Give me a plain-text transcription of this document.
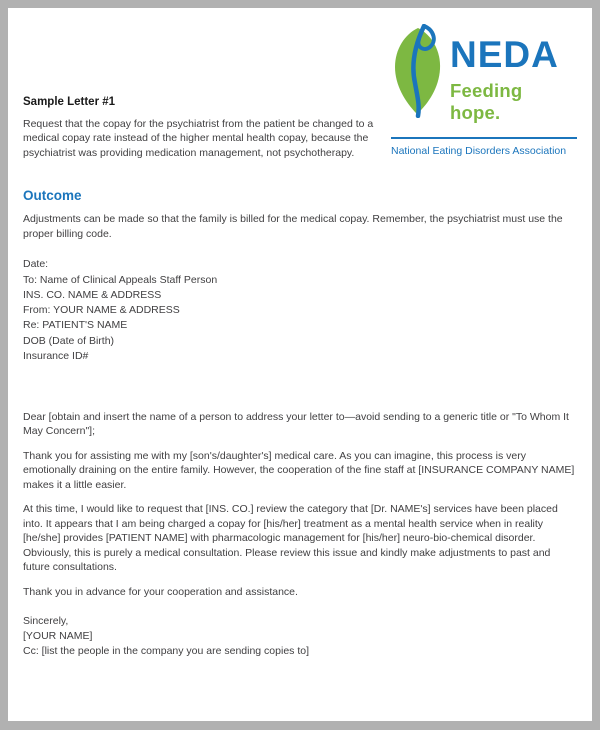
Sample Letter #1
Request that the copay for the psychiatrist from the patient be changed to a medical copay rate instead of the higher mental health copay, because the psychiatrist was providing medication management, not psychotherapy.
NEDA
Feeding hope.
National Eating Disorders Association
Outcome
Adjustments can be made so that the family is billed for the medical copay. Remember, the psychiatrist must use the proper billing code.
Date:
To: Name of Clinical Appeals Staff Person
INS. CO. NAME & ADDRESS
From: YOUR NAME & ADDRESS
Re: PATIENT'S NAME
DOB (Date of Birth)
Insurance ID#
Dear [obtain and insert the name of a person to address your letter to—avoid sending to a generic title or "To Whom It May Concern"];
Thank you for assisting me with my [son's/daughter's] medical care. As you can imagine, this process is very emotionally draining on the entire family. However, the cooperation of the fine staff at [INSURANCE COMPANY NAME] makes it a little easier.
At this time, I would like to request that [INS. CO.] review the category that [Dr. NAME's] services have been placed into. It appears that I am being charged a copay for [his/her] treatment as a mental health service when in reality [he/she] provides [PATIENT NAME] with pharmacologic management for [his/her] neuro-bio-chemical disorder. Obviously, this is purely a medical consultation. Please review this issue and kindly make adjustments to past and future consultations.
Thank you in advance for your cooperation and assistance.
Sincerely,
[YOUR NAME]
Cc: [list the people in the company you are sending copies to]
